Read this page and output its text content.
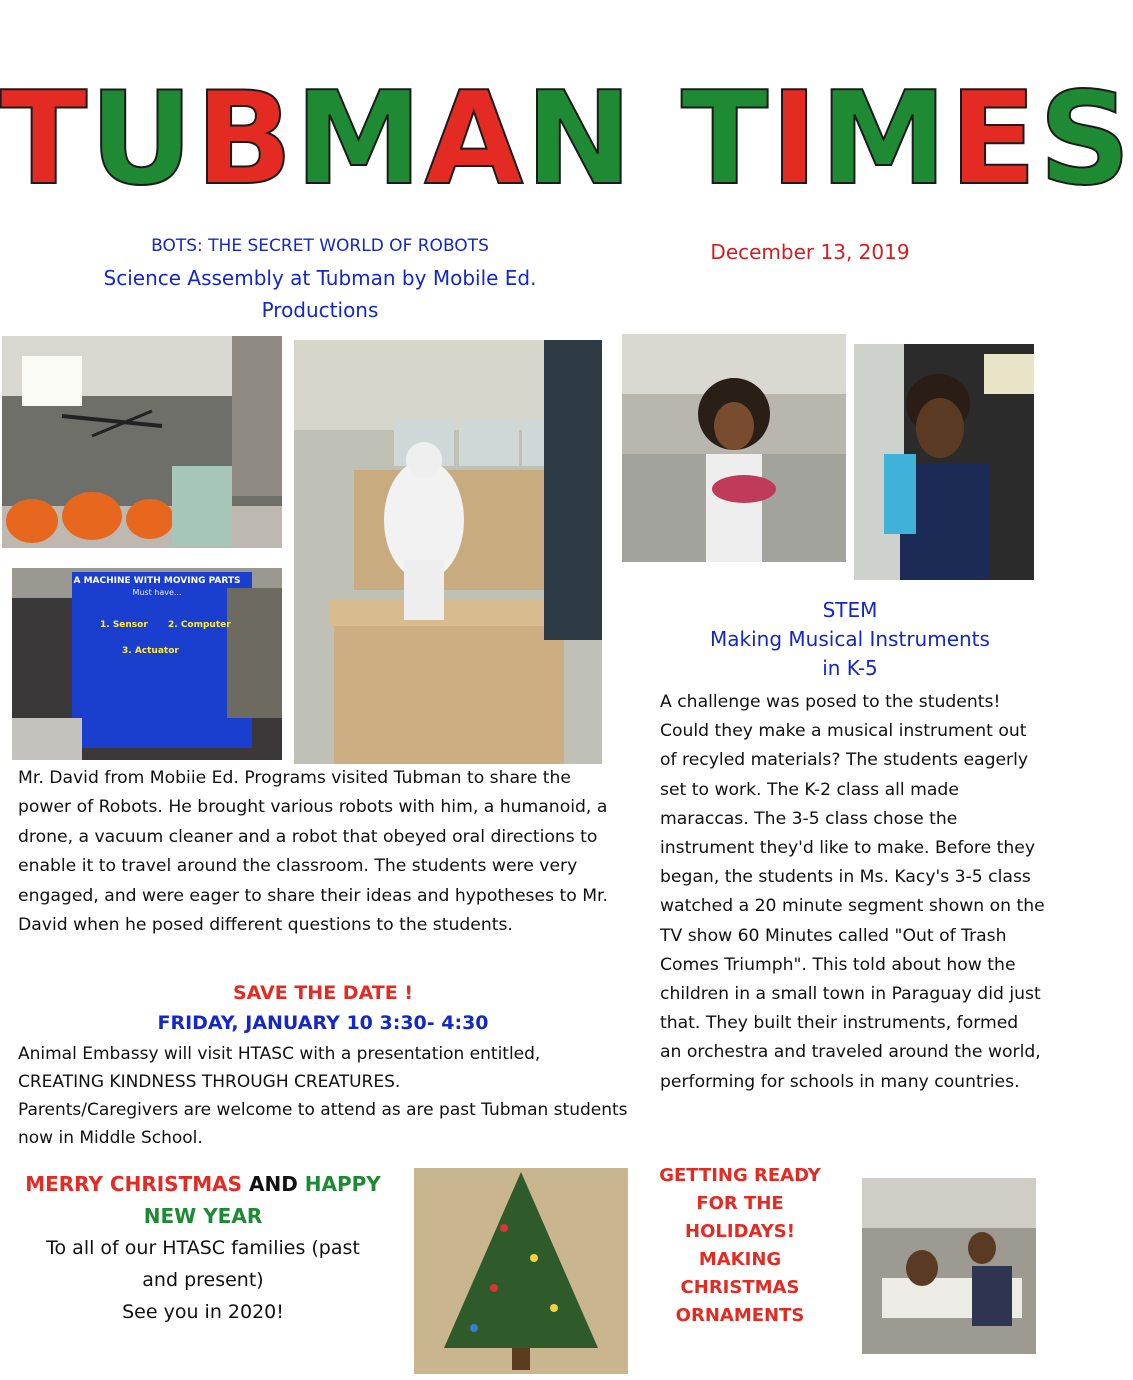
TUBMAN TIMES
BOTS: THE SECRET WORLD OF ROBOTS
Science Assembly at Tubman by Mobile Ed. Productions
December 13, 2019
A MACHINE WITH MOVING PARTS
Must have...
1. Sensor 2. Computer
3. Actuator

Mr. David from Mobiie Ed. Programs visited Tubman to share the power of Robots. He brought various robots with him, a humanoid, a drone, a vacuum cleaner and a robot that obeyed oral directions to enable it to travel around the classroom. The students were very engaged, and were eager to share their ideas and hypotheses to Mr. David when he posed different questions to the students.

STEM
Making Musical Instruments
in K-5

A challenge was posed to the students! Could they make a musical instrument out of recyled materials? The students eagerly set to work. The K-2 class all made maraccas. The 3-5 class chose the instrument they'd like to make. Before they began, the students in Ms. Kacy's 3-5 class watched a 20 minute segment shown on the TV show 60 Minutes called "Out of Trash Comes Triumph". This told about how the children in a small town in Paraguay did just that. They built their instruments, formed an orchestra and traveled around the world, performing for schools in many countries.

SAVE THE DATE !
FRIDAY, JANUARY 10 3:30- 4:30

Animal Embassy will visit HTASC with a presentation entitled,

CREATING KINDNESS THROUGH CREATURES.

Parents/Caregivers are welcome to attend as are past Tubman students now in Middle School.

MERRY CHRISTMAS AND HAPPY
NEW YEAR
To all of our HTASC families (past
and present)
See you in 2020!
GETTING READY
FOR THE
HOLIDAYS!
MAKING
CHRISTMAS
ORNAMENTS
